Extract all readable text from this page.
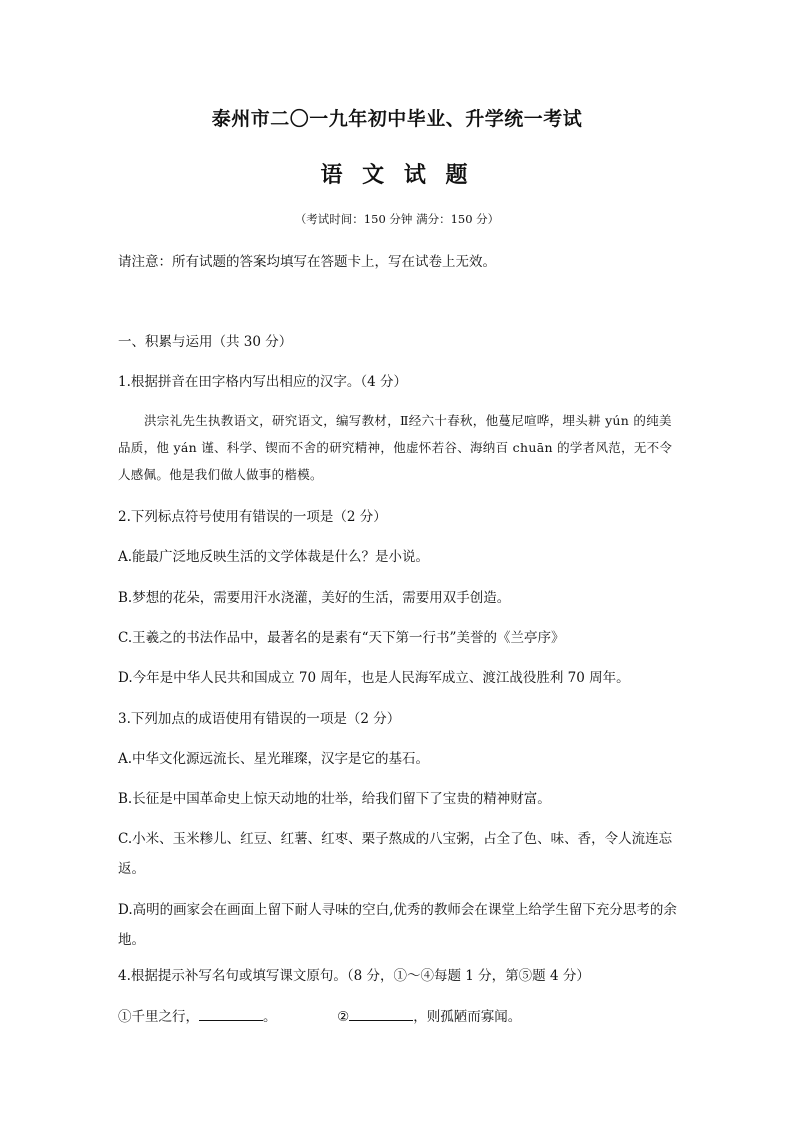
泰州市二〇一九年初中毕业、升学统一考试
语 文 试 题

（考试时间：150 分钟 满分：150 分）

请注意：所有试题的答案均填写在答题卡上，写在试卷上无效。

一、积累与运用（共 30 分）

1.根据拼音在田字格内写出相应的汉字。（4 分）

洪宗礼先生执教语文，研究语文，编写教材，Ⅱ经六十春秋，他蔓尼喧哗，埋头耕 yún 的纯美品质，他 yán 谨、科学、锲而不舍的研究精神，他虚怀若谷、海纳百 chuān 的学者风范，无不令人感佩。他是我们做人做事的楷模。

2.下列标点符号使用有错误的一项是（2 分）

A.能最广泛地反映生活的文学体裁是什么？是小说。

B.梦想的花朵，需要用汗水浇灌，美好的生活，需要用双手创造。

C.王羲之的书法作品中，最著名的是素有“天下第一行书”美誉的《兰亭序》

D.今年是中华人民共和国成立 70 周年，也是人民海军成立、渡江战役胜利 70 周年。

3.下列加点的成语使用有错误的一项是（2 分）

A.中华文化源远流长、星光璀璨，汉字是它的基石。

B.长征是中国革命史上惊天动地的壮举，给我们留下了宝贵的精神财富。

C.小米、玉米糁儿、红豆、红薯、红枣、栗子熬成的八宝粥，占全了色、味、香，令人流连忘返。

D.高明的画家会在画面上留下耐人寻味的空白,优秀的教师会在课堂上给学生留下充分思考的余地。

4.根据提示补写名句或填写课文原句。（8 分，①～④每题 1 分，第⑤题 4 分）

①千里之行，	。	②	，则孤陋而寡闻。
